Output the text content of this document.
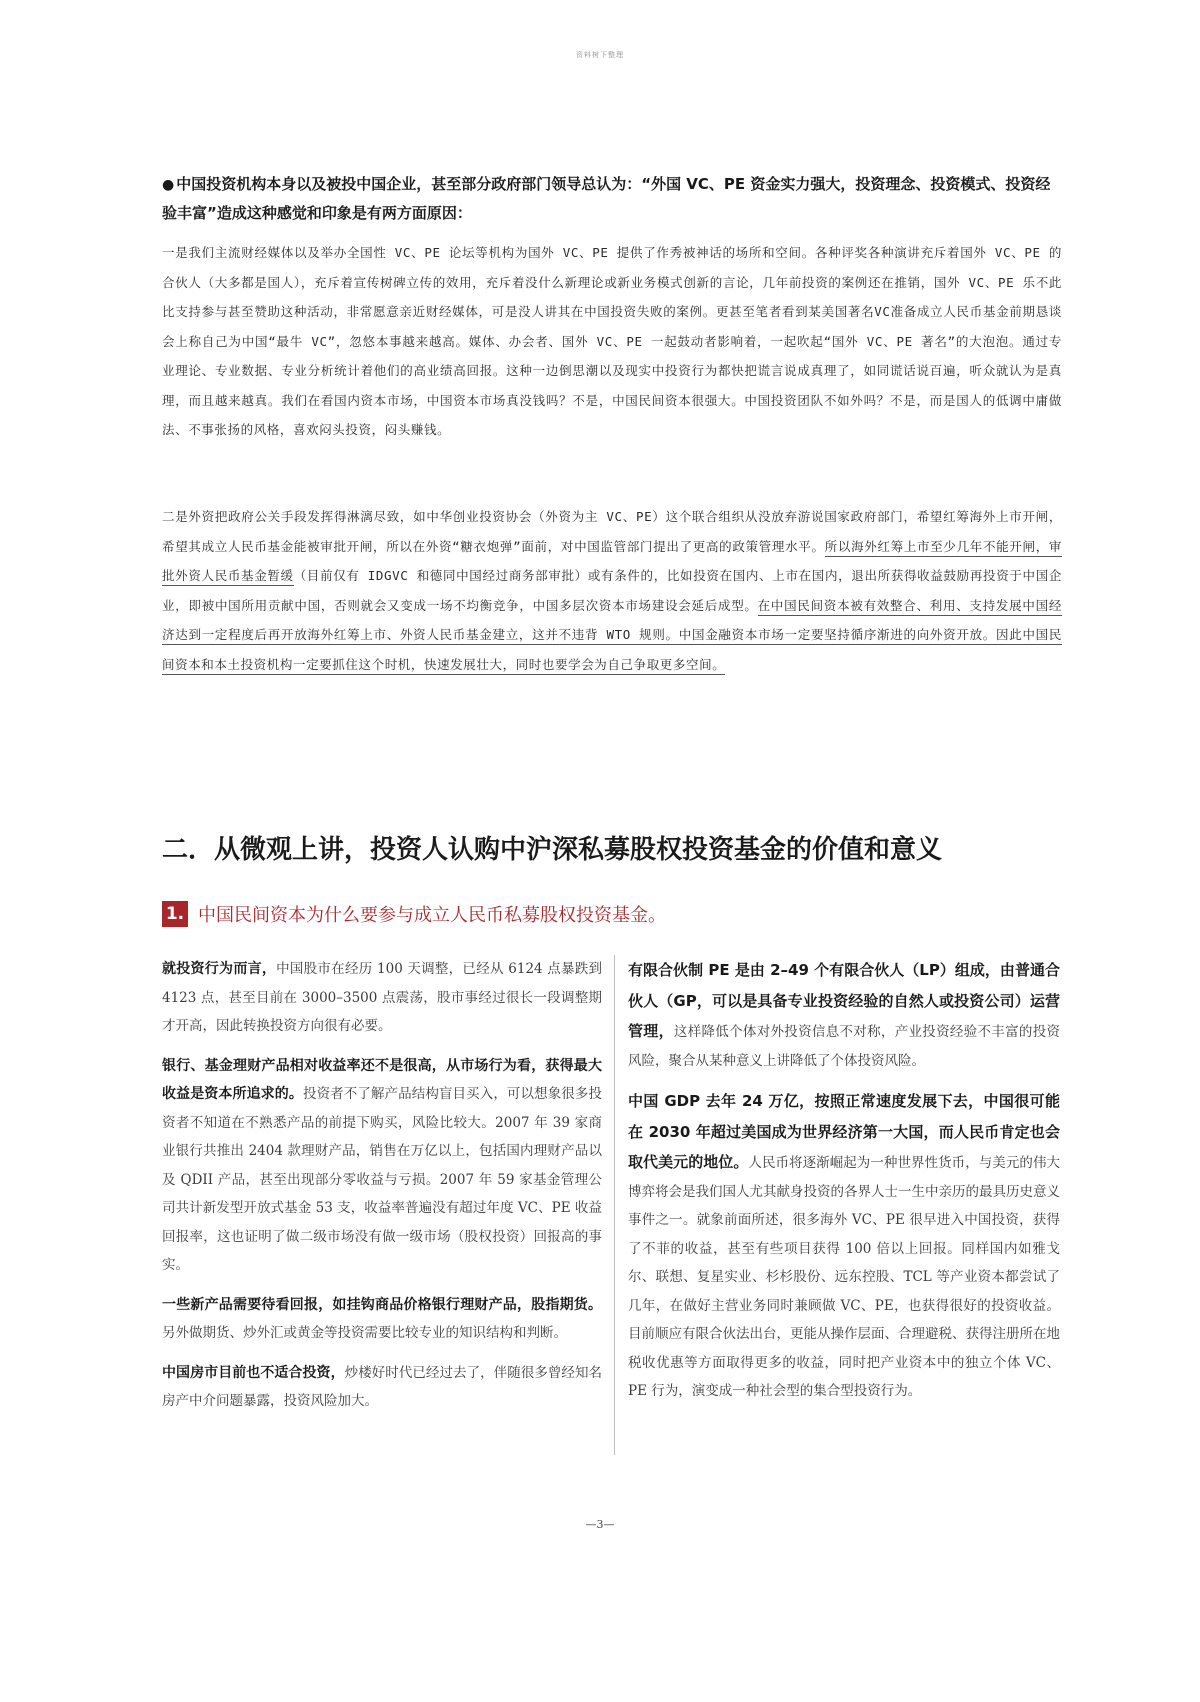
资料树下整理

● 中国投资机构本身以及被投中国企业，甚至部分政府部门领导总认为：“外国 VC、PE 资金实力强大，投资理念、投资模式、投资经验丰富”造成这种感觉和印象是有两方面原因：

一是我们主流财经媒体以及举办全国性 VC、PE 论坛等机构为国外 VC、PE 提供了作秀被神话的场所和空间。各种评奖各种演讲充斥着国外 VC、PE 的合伙人（大多都是国人），充斥着宣传树碑立传的效用，充斥着没什么新理论或新业务模式创新的言论，几年前投资的案例还在推销，国外 VC、PE 乐不此比支持参与甚至赞助这种活动，非常愿意亲近财经媒体，可是没人讲其在中国投资失败的案例。更甚至笔者看到某美国著名VC准备成立人民币基金前期恳谈会上称自己为中国“最牛 VC”，忽悠本事越来越高。媒体、办会者、国外 VC、PE 一起鼓动者影响着，一起吹起“国外 VC、PE 著名”的大泡泡。通过专业理论、专业数据、专业分析统计着他们的高业绩高回报。这种一边倒思潮以及现实中投资行为都快把谎言说成真理了，如同谎话说百遍，听众就认为是真理，而且越来越真。我们在看国内资本市场，中国资本市场真没钱吗？不是，中国民间资本很强大。中国投资团队不如外吗？不是，而是国人的低调中庸做法、不事张扬的风格，喜欢闷头投资，闷头赚钱。

二是外资把政府公关手段发挥得淋漓尽致，如中华创业投资协会（外资为主 VC、PE）这个联合组织从没放弃游说国家政府部门，希望红筹海外上市开闸，希望其成立人民币基金能被审批开闸，所以在外资“糖衣炮弹”面前，对中国监管部门提出了更高的政策管理水平。所以海外红筹上市至少几年不能开闸，审批外资人民币基金暂缓（目前仅有 IDGVC 和德同中国经过商务部审批）或有条件的，比如投资在国内、上市在国内，退出所获得收益鼓励再投资于中国企业，即被中国所用贡献中国，否则就会又变成一场不均衡竞争，中国多层次资本市场建设会延后成型。在中国民间资本被有效整合、利用、支持发展中国经济达到一定程度后再开放海外红筹上市、外资人民币基金建立，这并不违背 WTO 规则。中国金融资本市场一定要坚持循序渐进的向外资开放。因此中国民间资本和本土投资机构一定要抓住这个时机，快速发展壮大，同时也要学会为自己争取更多空间。

二．从微观上讲，投资人认购中沪深私募股权投资基金的价值和意义
1. 中国民间资本为什么要参与成立人民币私募股权投资基金。

就投资行为而言，中国股市在经历 100 天调整，已经从 6124 点暴跌到 4123 点，甚至目前在 3000–3500 点震荡，股市事经过很长一段调整期才开高，因此转换投资方向很有必要。

银行、基金理财产品相对收益率还不是很高，从市场行为看，获得最大收益是资本所追求的。投资者不了解产品结构盲目买入，可以想象很多投资者不知道在不熟悉产品的前提下购买，风险比较大。2007 年 39 家商业银行共推出 2404 款理财产品，销售在万亿以上，包括国内理财产品以及 QDII 产品，甚至出现部分零收益与亏损。2007 年 59 家基金管理公司共计新发型开放式基金 53 支，收益率普遍没有超过年度 VC、PE 收益回报率，这也证明了做二级市场没有做一级市场（股权投资）回报高的事实。

一些新产品需要待看回报，如挂钩商品价格银行理财产品，股指期货。另外做期货、炒外汇或黄金等投资需要比较专业的知识结构和判断。

中国房市目前也不适合投资，炒楼好时代已经过去了，伴随很多曾经知名房产中介问题暴露，投资风险加大。

有限合伙制 PE 是由 2–49 个有限合伙人（LP）组成，由普通合伙人（GP，可以是具备专业投资经验的自然人或投资公司）运营管理，这样降低个体对外投资信息不对称，产业投资经验不丰富的投资风险，聚合从某种意义上讲降低了个体投资风险。

中国 GDP 去年 24 万亿，按照正常速度发展下去，中国很可能在 2030 年超过美国成为世界经济第一大国，而人民币肯定也会取代美元的地位。人民币将逐渐崛起为一种世界性货币，与美元的伟大博弈将会是我们国人尤其献身投资的各界人士一生中亲历的最具历史意义事件之一。就象前面所述，很多海外 VC、PE 很早进入中国投资，获得了不菲的收益，甚至有些项目获得 100 倍以上回报。同样国内如雅戈尔、联想、复星实业、杉杉股份、远东控股、TCL 等产业资本都尝试了几年，在做好主营业务同时兼顾做 VC、PE，也获得很好的投资收益。目前顺应有限合伙法出台，更能从操作层面、合理避税、获得注册所在地税收优惠等方面取得更多的收益，同时把产业资本中的独立个体 VC、PE 行为，演变成一种社会型的集合型投资行为。

—3—
